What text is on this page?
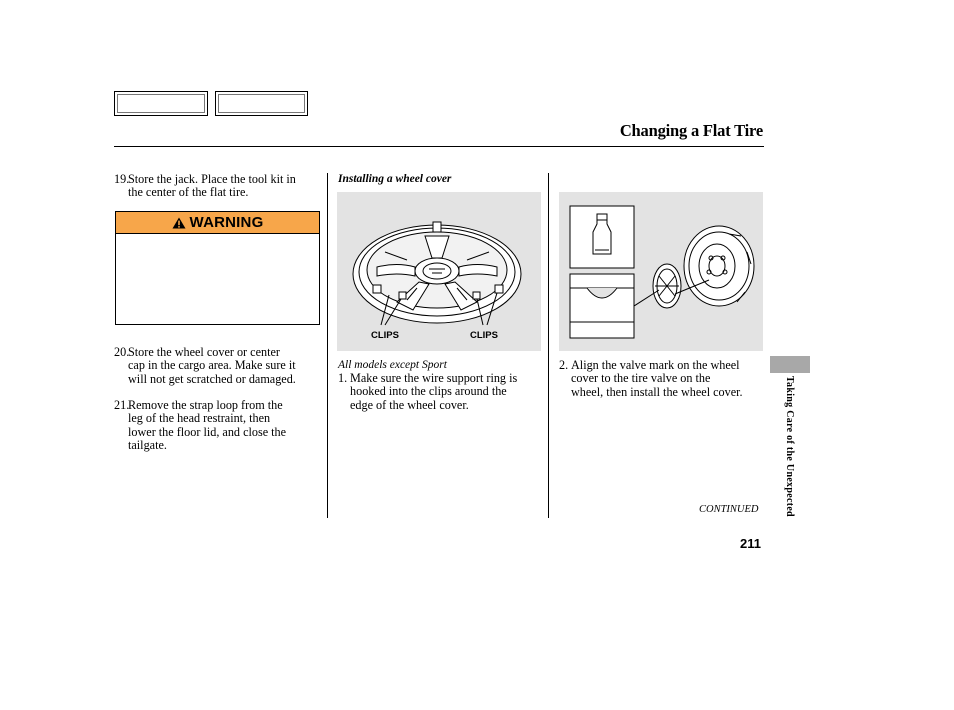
Changing a Flat Tire
19.
Store the jack. Place the tool kit in
the center of the flat tire.
WARNING
20.
Store the wheel cover or center
cap in the cargo area. Make sure it
will not get scratched or damaged.
21.
Remove the strap loop from the
leg of the head restraint, then
lower the floor lid, and close the
tailgate.
Installing a wheel cover
CLIPS	CLIPS
All models except Sport
1. Make sure the wire support ring is
hooked into the clips around the
edge of the wheel cover.
2. Align the valve mark on the wheel
cover to the tire valve on the
wheel, then install the wheel cover.	Taking Care of the Unexpected
CONTINUED
211
